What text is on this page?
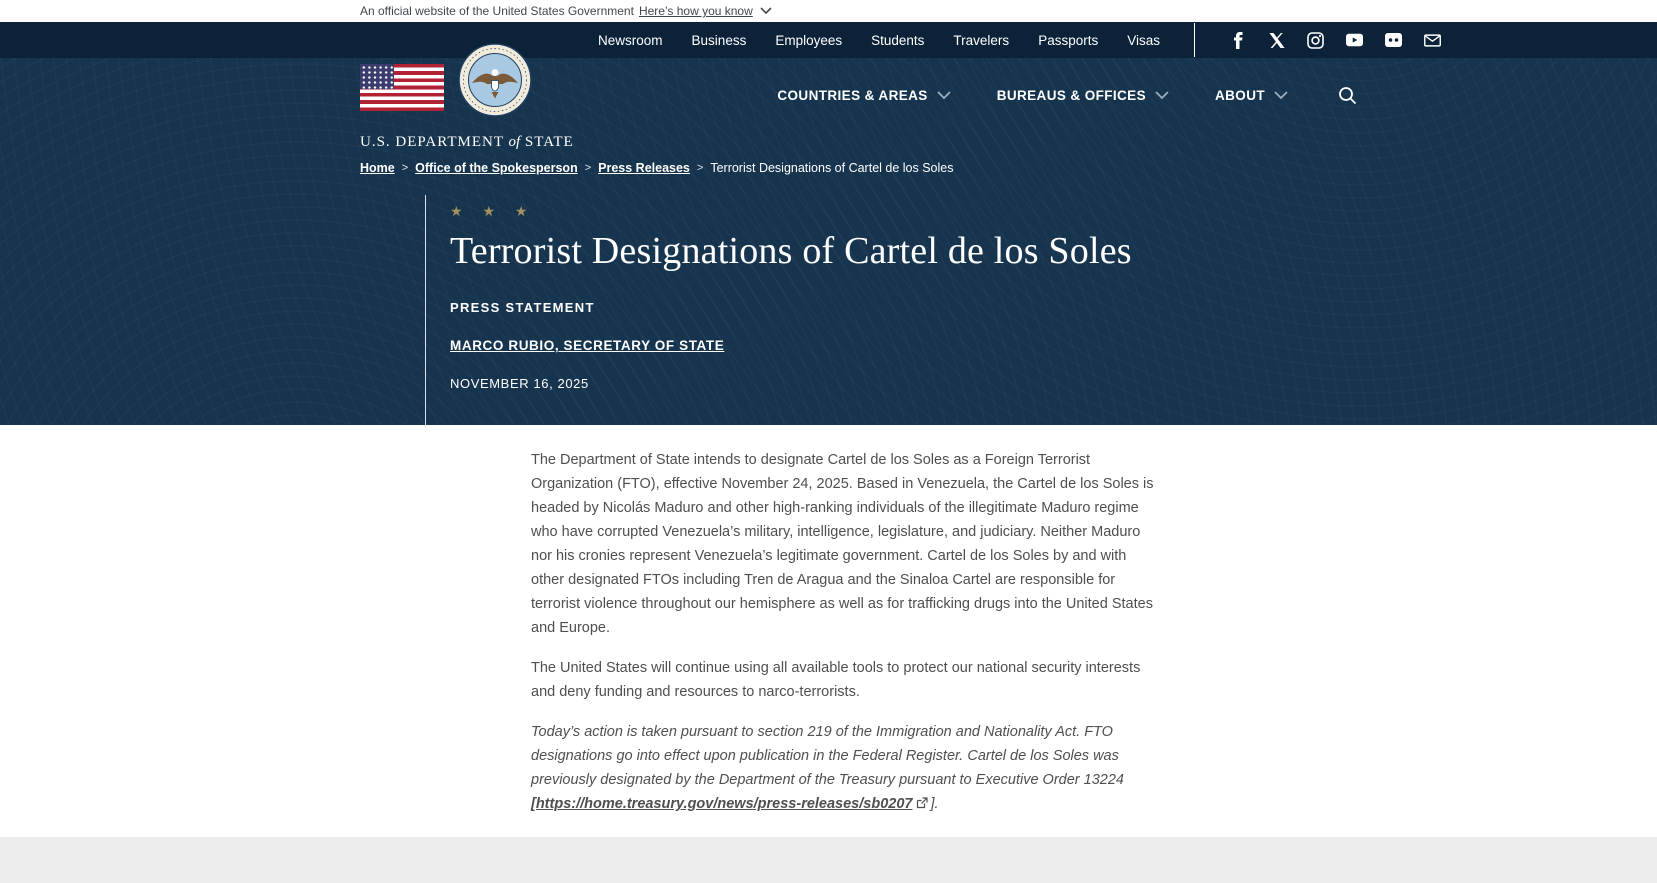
An official website of the United States Government Here’s how you know
Newsroom Business Employees Students Travelers Passports Visas
U.S. DEPARTMENT of STATE
COUNTRIES & AREAS	BUREAUS & OFFICES	ABOUT
Home > Office of the Spokesperson > Press Releases > Terrorist Designations of Cartel de los Soles
★ ★ ★
Terrorist Designations of Cartel de los Soles
PRESS STATEMENT
MARCO RUBIO, SECRETARY OF STATE
NOVEMBER 16, 2025

The Department of State intends to designate Cartel de los Soles as a Foreign Terrorist Organization (FTO), effective November 24, 2025. Based in Venezuela, the Cartel de los Soles is headed by Nicolás Maduro and other high-ranking individuals of the illegitimate Maduro regime who have corrupted Venezuela’s military, intelligence, legislature, and judiciary. Neither Maduro nor his cronies represent Venezuela’s legitimate government. Cartel de los Soles by and with other designated FTOs including Tren de Aragua and the Sinaloa Cartel are responsible for terrorist violence throughout our hemisphere as well as for trafficking drugs into the United States and Europe.

The United States will continue using all available tools to protect our national security interests and deny funding and resources to narco-terrorists.

Today’s action is taken pursuant to section 219 of the Immigration and Nationality Act. FTO designations go into effect upon publication in the Federal Register. Cartel de los Soles was previously designated by the Department of the Treasury pursuant to Executive Order 13224 [https://home.treasury.gov/news/press-releases/sb0207 ].
